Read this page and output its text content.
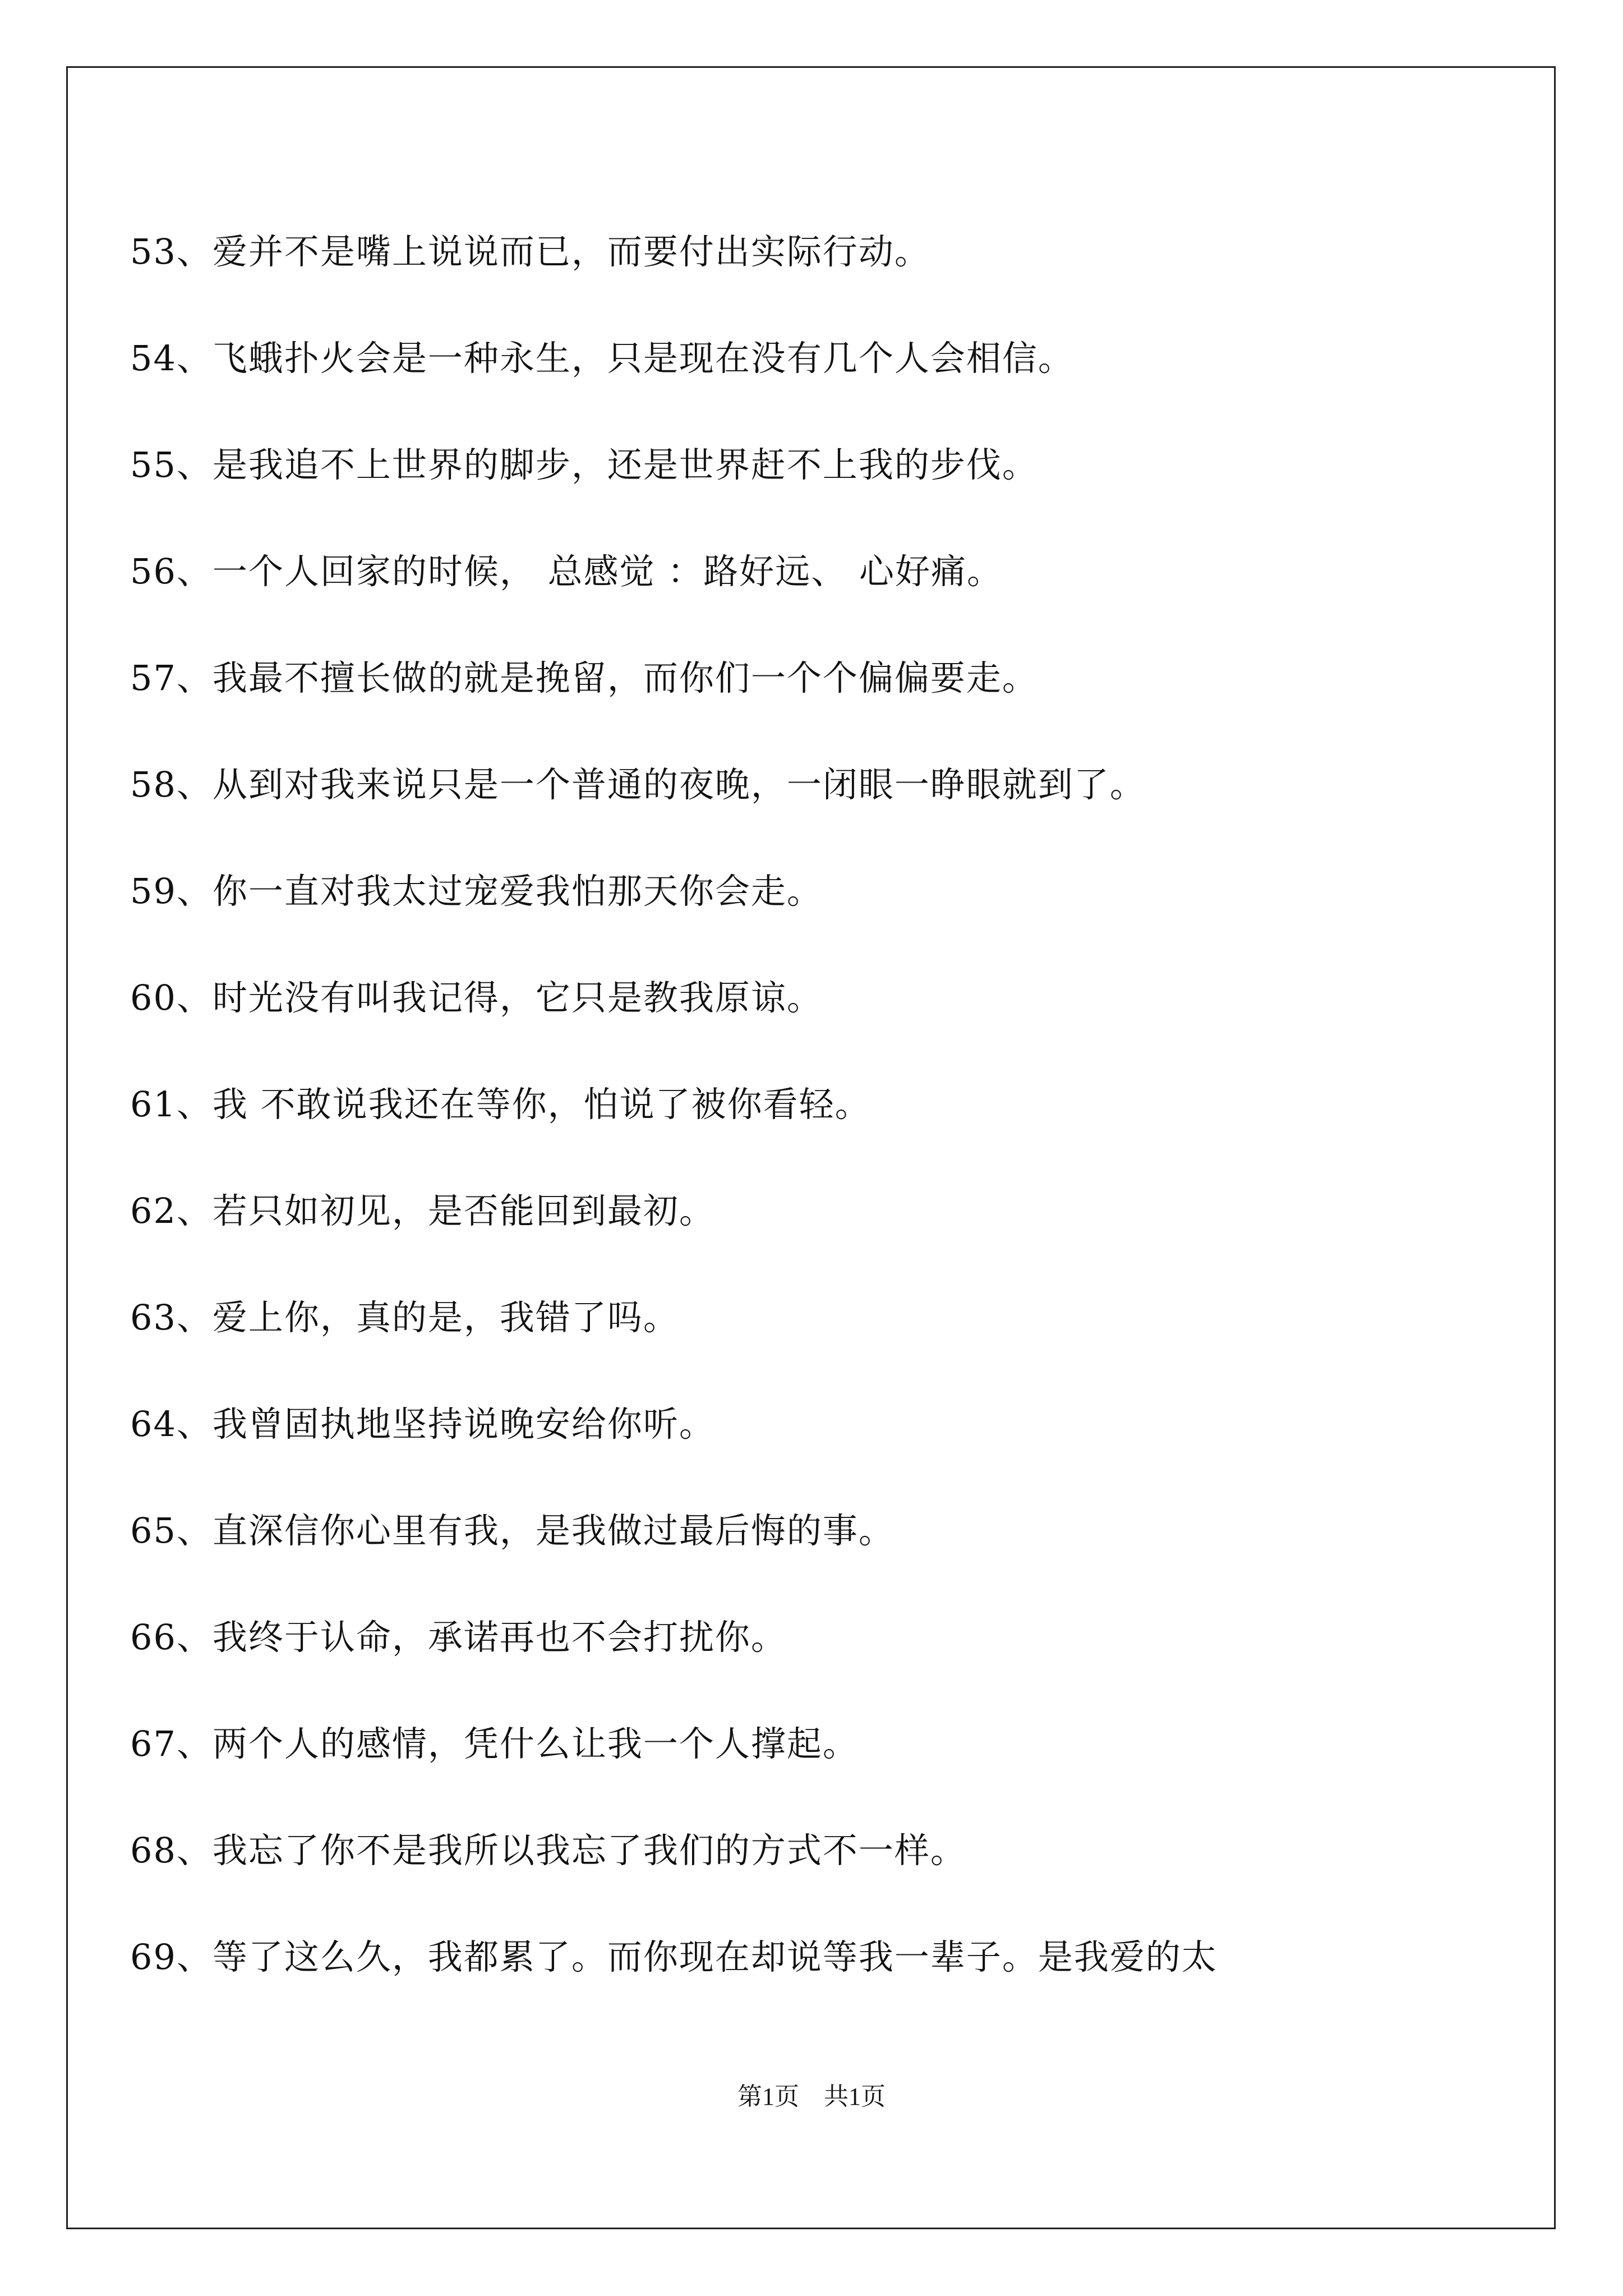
53、爱并不是嘴上说说而已，而要付出实际行动。
54、飞蛾扑火会是一种永生，只是现在没有几个人会相信。
55、是我追不上世界的脚步，还是世界赶不上我的步伐。
56、一个人回家的时候， 总感觉 ：路好远、 心好痛。
57、我最不擅长做的就是挽留，而你们一个个偏偏要走。
58、从到对我来说只是一个普通的夜晚，一闭眼一睁眼就到了。
59、你一直对我太过宠爱我怕那天你会走。
60、时光没有叫我记得，它只是教我原谅。
61、我 不敢说我还在等你，怕说了被你看轻。
62、若只如初见，是否能回到最初。
63、爱上你，真的是，我错了吗。
64、我曾固执地坚持说晚安给你听。
65、直深信你心里有我，是我做过最后悔的事。
66、我终于认命，承诺再也不会打扰你。
67、两个人的感情，凭什么让我一个人撑起。
68、我忘了你不是我所以我忘了我们的方式不一样。
69、等了这么久，我都累了。而你现在却说等我一辈子。是我爱的太
第1页　共1页
